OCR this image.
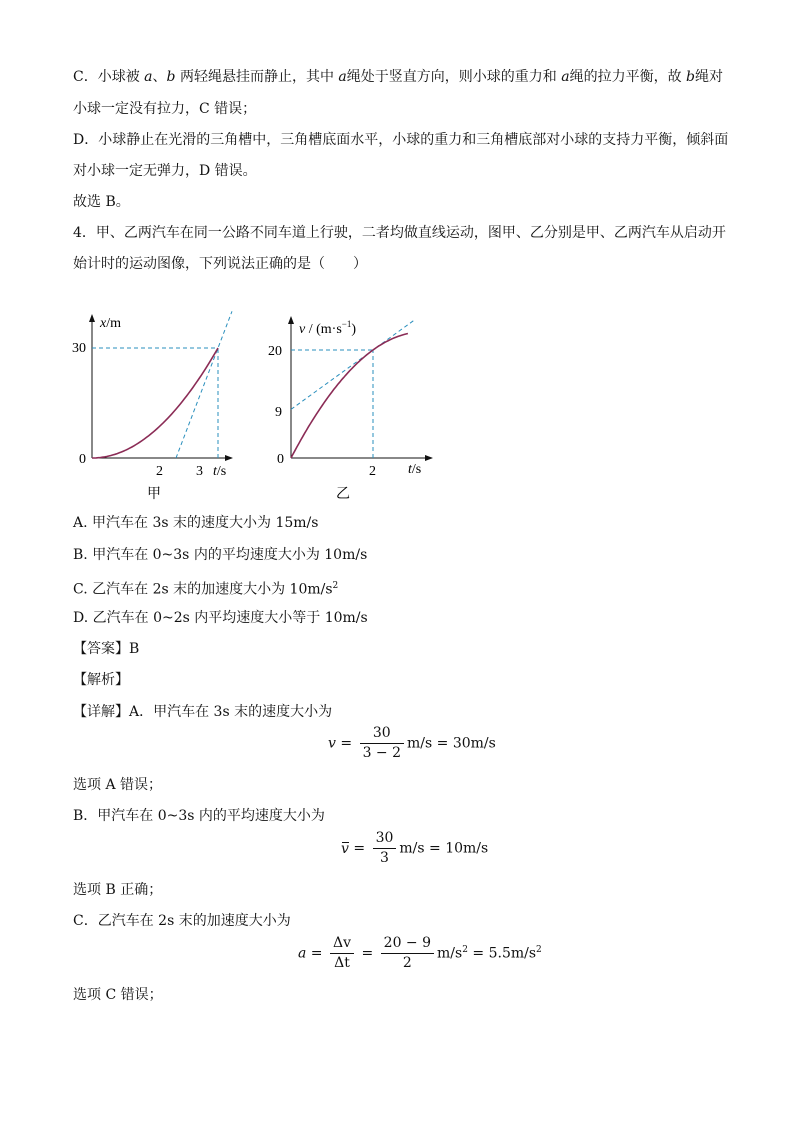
C．小球被 a、b 两轻绳悬挂而静止，其中 a绳处于竖直方向，则小球的重力和 a绳的拉力平衡，故 b绳对
小球一定没有拉力，C 错误；
D．小球静止在光滑的三角槽中，三角槽底面水平，小球的重力和三角槽底部对小球的支持力平衡，倾斜面
对小球一定无弹力，D 错误。
故选 B。
4．甲、乙两汽车在同一公路不同车道上行驶，二者均做直线运动，图甲、乙分别是甲、乙两汽车从启动开
始计时的运动图像，下列说法正确的是（　　）
x/m
30
0
2 3 t/s
甲
$v / (m\cdot s^{-1})$
20
9
0
2 t/s
乙
A. 甲汽车在 3s 末的速度大小为 15m/s
B. 甲汽车在 0~3s 内的平均速度大小为 10m/s
C. 乙汽车在 2s 末的加速度大小为 $10m/s^2$
D. 乙汽车在 0~2s 内平均速度大小等于 10m/s
【答案】B
【解析】
【详解】A．甲汽车在 3s 末的速度大小为
$v = \frac{30}{3 - 2} m/s = 30m/s$
选项 A 错误；
B．甲汽车在 0~3s 内的平均速度大小为
$v = \frac{30}{3} m/s = 10m/s$
选项 B 正确；
C．乙汽车在 2s 末的加速度大小为
$a = \frac{\Delta v}{\Delta t} = \frac{20 - 9}{2} m/s^2 = 5.5m/s^2$
选项 C 错误；
